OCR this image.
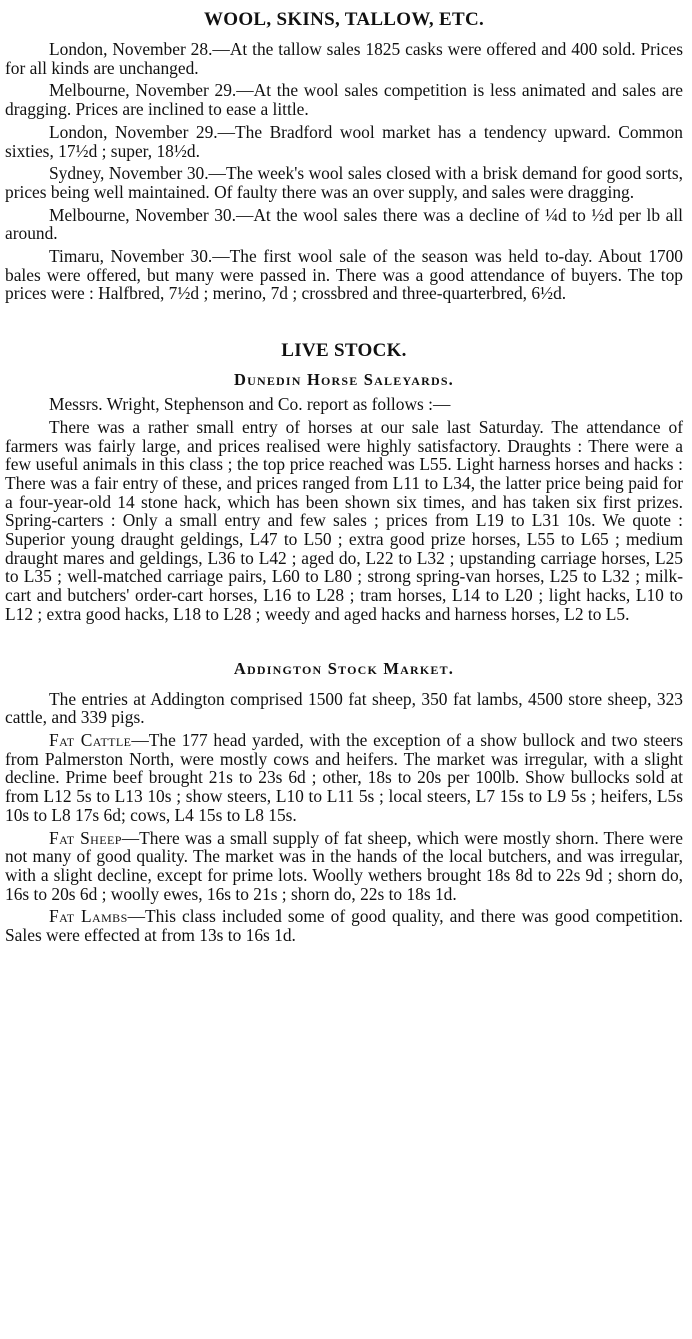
WOOL, SKINS, TALLOW, ETC.

London, November 28.—At the tallow sales 1825 casks were offered and 400 sold. Prices for all kinds are unchanged.

Melbourne, November 29.—At the wool sales competition is less animated and sales are dragging. Prices are inclined to ease a little.

London, November 29.—The Bradford wool market has a tendency upward. Common sixties, 17½d ; super, 18½d.

Sydney, November 30.—The week's wool sales closed with a brisk demand for good sorts, prices being well maintained. Of faulty there was an over supply, and sales were dragging.

Melbourne, November 30.—At the wool sales there was a decline of ¼d to ½d per lb all around.

Timaru, November 30.—The first wool sale of the season was held to-day. About 1700 bales were offered, but many were passed in. There was a good attendance of buyers. The top prices were : Halfbred, 7½d ; merino, 7d ; crossbred and three-quarterbred, 6½d.

LIVE STOCK.
Dunedin Horse Saleyards.

Messrs. Wright, Stephenson and Co. report as follows :—

There was a rather small entry of horses at our sale last Saturday. The attendance of farmers was fairly large, and prices realised were highly satisfactory. Draughts : There were a few useful animals in this class ; the top price reached was L55. Light harness horses and hacks : There was a fair entry of these, and prices ranged from L11 to L34, the latter price being paid for a four-year-old 14 stone hack, which has been shown six times, and has taken six first prizes. Spring-carters : Only a small entry and few sales ; prices from L19 to L31 10s. We quote : Superior young draught geldings, L47 to L50 ; extra good prize horses, L55 to L65 ; medium draught mares and geldings, L36 to L42 ; aged do, L22 to L32 ; upstanding carriage horses, L25 to L35 ; well-matched carriage pairs, L60 to L80 ; strong spring-van horses, L25 to L32 ; milk-cart and butchers' order-cart horses, L16 to L28 ; tram horses, L14 to L20 ; light hacks, L10 to L12 ; extra good hacks, L18 to L28 ; weedy and aged hacks and harness horses, L2 to L5.

Addington Stock Market.

The entries at Addington comprised 1500 fat sheep, 350 fat lambs, 4500 store sheep, 323 cattle, and 339 pigs.

Fat Cattle—The 177 head yarded, with the exception of a show bullock and two steers from Palmerston North, were mostly cows and heifers. The market was irregular, with a slight decline. Prime beef brought 21s to 23s 6d ; other, 18s to 20s per 100lb. Show bullocks sold at from L12 5s to L13 10s ; show steers, L10 to L11 5s ; local steers, L7 15s to L9 5s ; heifers, L5s 10s to L8 17s 6d; cows, L4 15s to L8 15s.

Fat Sheep—There was a small supply of fat sheep, which were mostly shorn. There were not many of good quality. The market was in the hands of the local butchers, and was irregular, with a slight decline, except for prime lots. Woolly wethers brought 18s 8d to 22s 9d ; shorn do, 16s to 20s 6d ; woolly ewes, 16s to 21s ; shorn do, 22s to 18s 1d.

Fat Lambs—This class included some of good quality, and there was good competition. Sales were effected at from 13s to 16s 1d.
